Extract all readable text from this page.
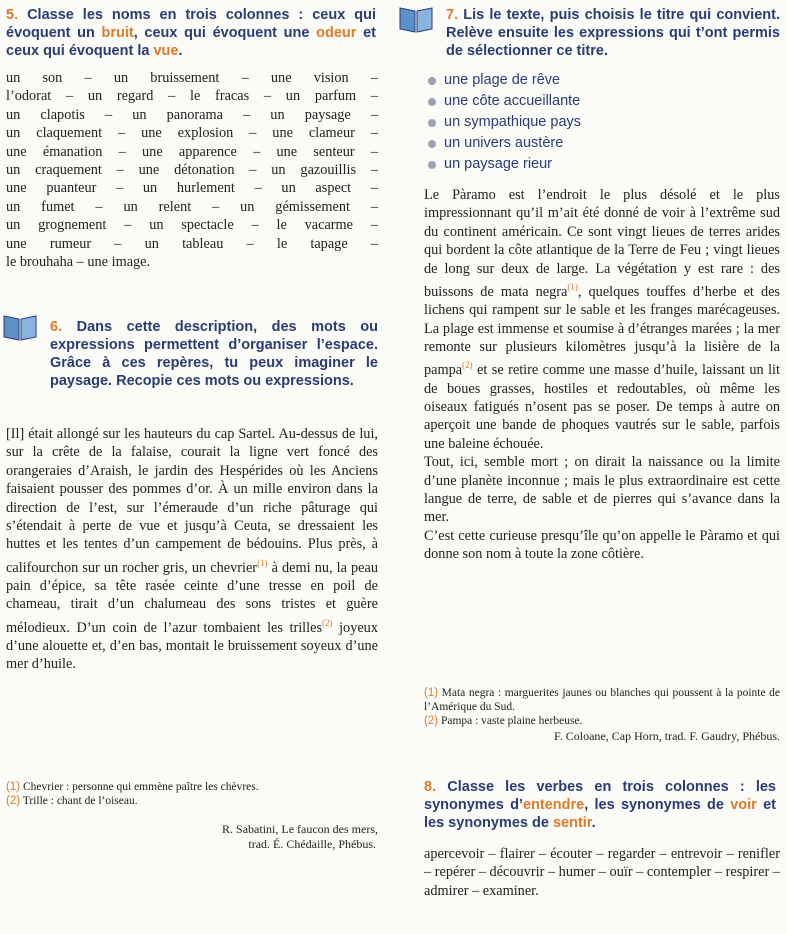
5. Classe les noms en trois colonnes : ceux qui évoquent un bruit, ceux qui évoquent une odeur et ceux qui évoquent la vue.
un son – un bruissement – une vision –
l’odorat – un regard – le fracas – un parfum –
un clapotis – un panorama – un paysage –
un claquement – une explosion – une clameur –
une émanation – une apparence – une senteur –
un craquement – une détonation – un gazouillis –
une puanteur – un hurlement – un aspect –
un fumet – un relent – un gémissement –
un grognement – un spectacle – le vacarme –
une rumeur – un tableau – le tapage –
le brouhaha – une image.
6. Dans cette description, des mots ou expressions permettent d’organiser l’espace. Grâce à ces repères, tu peux imaginer le paysage. Recopie ces mots ou expressions.

[Il] était allongé sur les hauteurs du cap Sartel. Au-dessus de lui, sur la crête de la falaise, courait la ligne vert foncé des orangeraies d’Araish, le jardin des Hespérides où les Anciens faisaient pousser des pommes d’or. À un mille environ dans la direction de l’est, sur l’émeraude d’un riche pâturage qui s’étendait à perte de vue et jusqu’à Ceuta, se dressaient les huttes et les tentes d’un campement de bédouins. Plus près, à califourchon sur un rocher gris, un chevrier$^{(1)}$ à demi nu, la peau pain d’épice, sa tête rasée ceinte d’une tresse en poil de chameau, tirait d’un chalumeau des sons tristes et guère mélodieux. D’un coin de l’azur tombaient les trilles$^{(2)}$ joyeux d’une alouette et, d’en bas, montait le bruissement soyeux d’une mer d’huile.

(1) Chevrier : personne qui emmène paître les chèvres.

(2) Trille : chant de l’oiseau.

R. Sabatini, Le faucon des mers,

trad. É. Chédaille, Phébus.

7. Lis le texte, puis choisis le titre qui convient. Relève ensuite les expressions qui t’ont permis de sélectionner ce titre.
une plage de rêve
une côte accueillante
un sympathique pays
un univers austère
un paysage rieur

Le Pàramo est l’endroit le plus désolé et le plus impressionnant qu’il m’ait été donné de voir à l’extrême sud du continent américain. Ce sont vingt lieues de terres arides qui bordent la côte atlantique de la Terre de Feu ; vingt lieues de long sur deux de large. La végétation y est rare : des buissons de mata negra$^{(1)}$, quelques touffes d’herbe et des lichens qui rampent sur le sable et les franges marécageuses. La plage est immense et soumise à d’étranges marées ; la mer remonte sur plusieurs kilomètres jusqu’à la lisière de la pampa$^{(2)}$ et se retire comme une masse d’huile, laissant un lit de boues grasses, hostiles et redoutables, où même les oiseaux fatigués n’osent pas se poser. De temps à autre on aperçoit une bande de phoques vautrés sur le sable, parfois une baleine échouée.

Tout, ici, semble mort ; on dirait la naissance ou la limite d’une planète inconnue ; mais le plus extraordinaire est cette langue de terre, de sable et de pierres qui s’avance dans la mer.

C’est cette curieuse presqu’île qu’on appelle le Pàramo et qui donne son nom à toute la zone côtière.

(1) Mata negra : marguerites jaunes ou blanches qui poussent à la pointe de l’Amérique du Sud.

(2) Pampa : vaste plaine herbeuse.

F. Coloane, Cap Horn, trad. F. Gaudry, Phébus.

8. Classe les verbes en trois colonnes : les synonymes d’entendre, les synonymes de voir et les synonymes de sentir.

apercevoir – flairer – écouter – regarder – entrevoir – renifler – repérer – découvrir – humer – ouïr – contempler – respirer – admirer – examiner.
